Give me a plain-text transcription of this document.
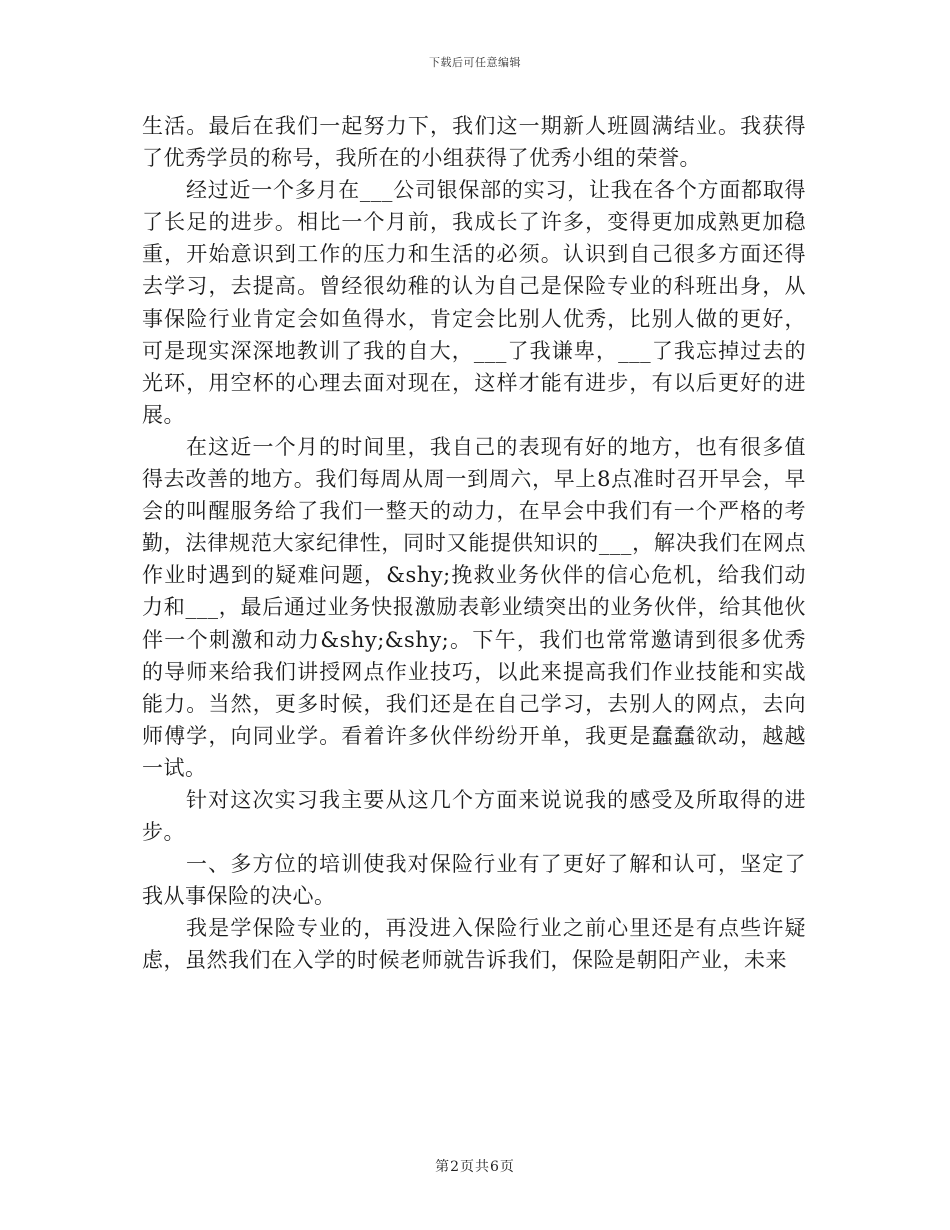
下载后可任意编辑

生活。最后在我们一起努力下，我们这一期新人班圆满结业。我获得了优秀学员的称号，我所在的小组获得了优秀小组的荣誉。

经过近一个多月在___公司银保部的实习，让我在各个方面都取得了长足的进步。相比一个月前，我成长了许多，变得更加成熟更加稳重，开始意识到工作的压力和生活的必须。认识到自己很多方面还得去学习，去提高。曾经很幼稚的认为自己是保险专业的科班出身，从事保险行业肯定会如鱼得水，肯定会比别人优秀，比别人做的更好，可是现实深深地教训了我的自大，___了我谦卑，___了我忘掉过去的光环，用空杯的心理去面对现在，这样才能有进步，有以后更好的进展。

在这近一个月的时间里，我自己的表现有好的地方，也有很多值得去改善的地方。我们每周从周一到周六，早上8点准时召开早会，早会的叫醒服务给了我们一整天的动力，在早会中我们有一个严格的考勤，法律规范大家纪律性，同时又能提供知识的___，解决我们在网点作业时遇到的疑难问题，&shy;挽救业务伙伴的信心危机，给我们动力和___，最后通过业务快报激励表彰业绩突出的业务伙伴，给其他伙伴一个刺激和动力&shy;&shy;。下午，我们也常常邀请到很多优秀的导师来给我们讲授网点作业技巧，以此来提高我们作业技能和实战能力。当然，更多时候，我们还是在自己学习，去别人的网点，去向师傅学，向同业学。看着许多伙伴纷纷开单，我更是蠢蠢欲动，越越一试。

针对这次实习我主要从这几个方面来说说我的感受及所取得的进步。

一、多方位的培训使我对保险行业有了更好了解和认可，坚定了我从事保险的决心。

我是学保险专业的，再没进入保险行业之前心里还是有点些许疑虑，虽然我们在入学的时候老师就告诉我们，保险是朝阳产业，未来

第2页共6页
